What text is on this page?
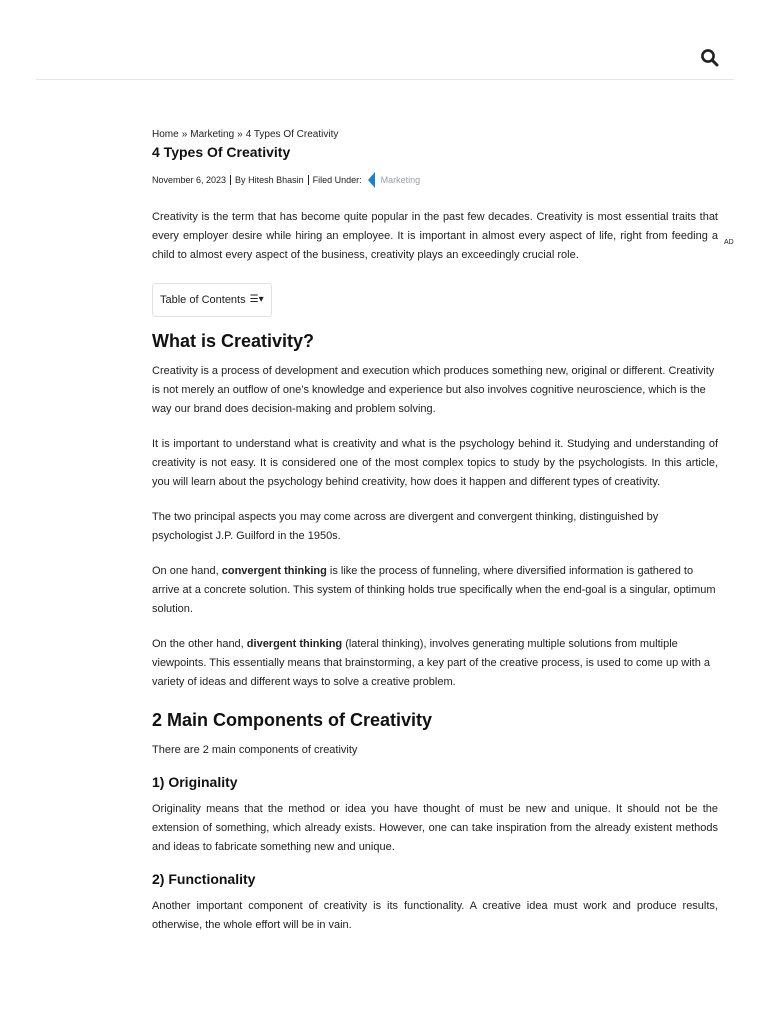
AD
Home » Marketing » 4 Types Of Creativity
4 Types Of Creativity
November 6, 2023 By
Hitesh Bhasin Filed Under: Marketing

Creativity is the term that has become quite popular in the past few decades. Creativity is most essential traits that every employer desire while hiring an employee. It is important in almost every aspect of life, right from feeding a child to almost every aspect of the business, creativity plays an exceedingly crucial role.

Table of Contents ☰▾
What is Creativity?

Creativity is a process of development and execution which produces something new, original or different. Creativity is not merely an outflow of one’s knowledge and experience but also involves cognitive neuroscience, which is the way our brand does decision-making and problem solving.

It is important to understand what is creativity and what is the psychology behind it. Studying and understanding of creativity is not easy. It is considered one of the most complex topics to study by the psychologists. In this article, you will learn about the psychology behind creativity, how does it happen and different types of creativity.

The two principal aspects you may come across are divergent and convergent thinking, distinguished by psychologist J.P. Guilford in the 1950s.

On one hand, convergent thinking is like the process of funneling, where diversified information is gathered to arrive at a concrete solution. This system of thinking holds true specifically when the end-goal is a singular, optimum solution.

On the other hand, divergent thinking (lateral thinking), involves generating multiple solutions from multiple viewpoints. This essentially means that brainstorming, a key part of the creative process, is used to come up with a variety of ideas and different ways to solve a creative problem.

2 Main Components of Creativity

There are 2 main components of creativity

1) Originality

Originality means that the method or idea you have thought of must be new and unique. It should not be the extension of something, which already exists. However, one can take inspiration from the already existent methods and ideas to fabricate something new and unique.

2) Functionality

Another important component of creativity is its functionality. A creative idea must work and produce results, otherwise, the whole effort will be in vain.
